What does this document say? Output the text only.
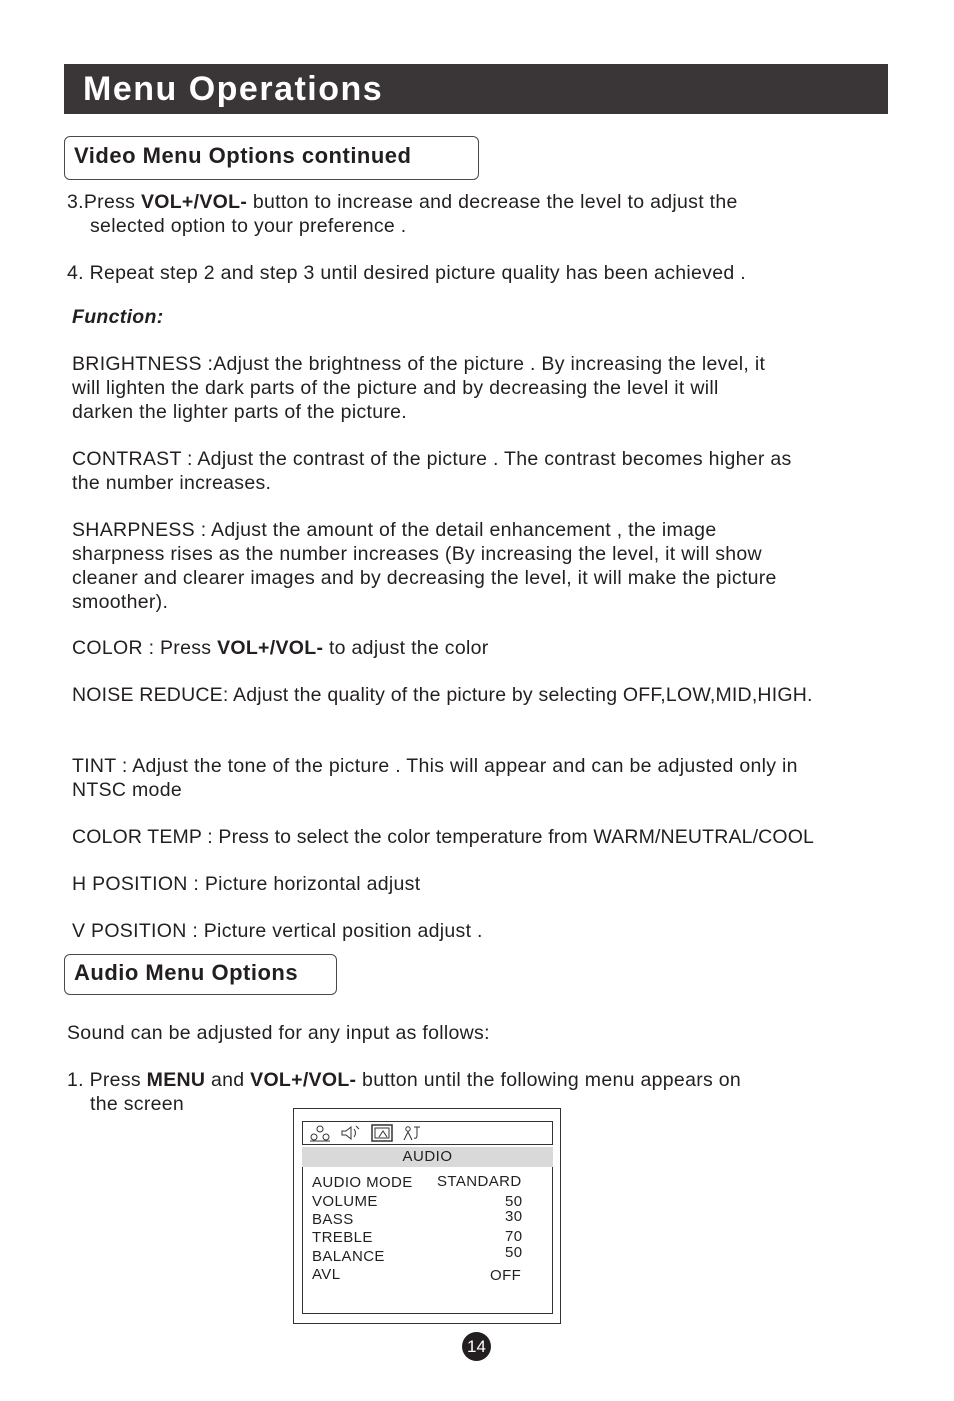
Menu Operations
Video Menu Options continued
3.Press VOL+/VOL- button to increase and decrease the level to adjust the
selected option to your preference .
4. Repeat step 2 and step 3 until desired picture quality has been achieved .
Function:
BRIGHTNESS :Adjust the brightness of the picture . By increasing the level, it
will lighten the dark parts of the picture and by decreasing the level it will
darken the lighter parts of the picture.
CONTRAST : Adjust the contrast of the picture . The contrast becomes higher as
the number increases.
SHARPNESS : Adjust the amount of the detail enhancement , the image
sharpness rises as the number increases (By increasing the level, it will show
cleaner and clearer images and by decreasing the level, it will make the picture
smoother).
COLOR : Press VOL+/VOL- to adjust the color
NOISE REDUCE: Adjust the quality of the picture by selecting OFF,LOW,MID,HIGH.
TINT : Adjust the tone of the picture . This will appear and can be adjusted only in
NTSC mode
COLOR TEMP : Press to select the color temperature from WARM/NEUTRAL/COOL
H POSITION : Picture horizontal adjust
V POSITION : Picture vertical position adjust .
Audio Menu Options
Sound can be adjusted for any input as follows:
1. Press MENU and VOL+/VOL- button until the following menu appears on
the screen
AUDIO
AUDIO MODE STANDARD
VOLUME	50
BASS	30
TREBLE	70
BALANCE	50
AVL	OFF
14
